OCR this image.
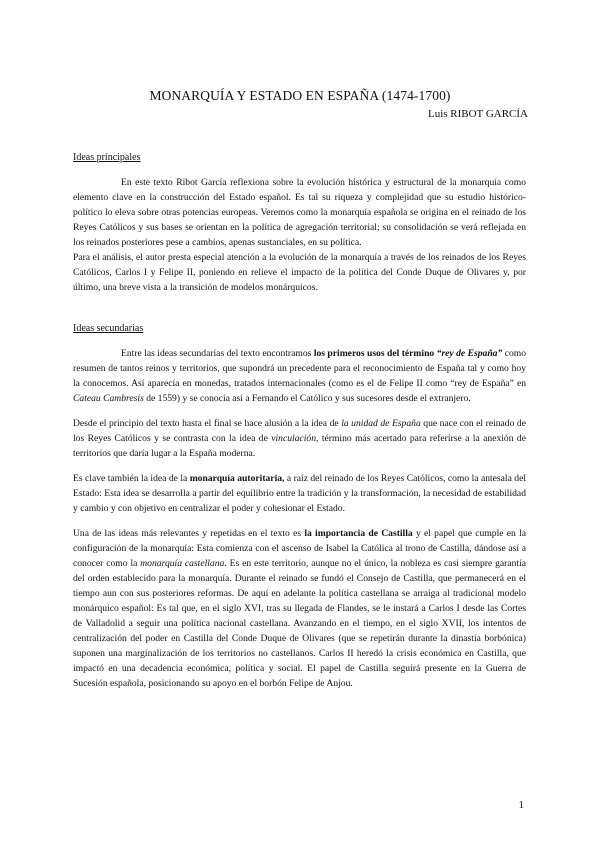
MONARQUÍA Y ESTADO EN ESPAÑA (1474-1700)
Luis RIBOT GARCÍA
Ideas principales

En este texto Ribot García reflexiona sobre la evolución histórica y estructural de la monarquía como elemento clave en la construcción del Estado español. Es tal su riqueza y complejidad que su estudio histórico-político lo eleva sobre otras potencias europeas. Veremos como la monarquía española se origina en el reinado de los Reyes Católicos y sus bases se orientan en la política de agregación territorial; su consolidación se verá reflejada en los reinados posteriores pese a cambios, apenas sustanciales, en su política.

Para el análisis, el autor presta especial atención a la evolución de la monarquía a través de los reinados de los Reyes Católicos, Carlos I y Felipe II, poniendo en relieve el impacto de la política del Conde Duque de Olivares y, por último, una breve vista a la transición de modelos monárquicos.

Ideas secundarias

Entre las ideas secundarias del texto encontramos los primeros usos del término “rey de España” como resumen de tantos reinos y territorios, que supondrá un precedente para el reconocimiento de España tal y como hoy la conocemos. Así aparecía en monedas, tratados internacionales (como es el de Felipe II como “rey de España” en Cateau Cambresis de 1559) y se conocía así a Fernando el Católico y sus sucesores desde el extranjero.

Desde el principio del texto hasta el final se hace alusión a la idea de la unidad de España que nace con el reinado de los Reyes Católicos y se contrasta con la idea de vinculación, término más acertado para referirse a la anexión de territorios que daría lugar a la España moderna.

Es clave también la idea de la monarquía autoritaria, a raíz del reinado de los Reyes Católicos, como la antesala del Estado: Esta idea se desarrolla a partir del equilibrio entre la tradición y la transformación, la necesidad de estabilidad y cambio y con objetivo en centralizar el poder y cohesionar el Estado.

Una de las ideas más relevantes y repetidas en el texto es la importancia de Castilla y el papel que cumple en la configuración de la monarquía: Esta comienza con el ascenso de Isabel la Católica al trono de Castilla, dándose así a conocer como la monarquía castellana. Es en este territorio, aunque no el único, la nobleza es casi siempre garantía del orden establecido para la monarquía. Durante el reinado se fundó el Consejo de Castilla, que permanecerá en el tiempo aun con sus posteriores reformas. De aquí en adelante la política castellana se arraiga al tradicional modelo monárquico español: Es tal que, en el siglo XVI, tras su llegada de Flandes, se le instará a Carlos I desde las Cortes de Valladolid a seguir una política nacional castellana. Avanzando en el tiempo, en el siglo XVII, los intentos de centralización del poder en Castilla del Conde Duque de Olivares (que se repetirán durante la dinastía borbónica) suponen una marginalización de los territorios no castellanos. Carlos II heredó la crisis económica en Castilla, que impactó en una decadencia económica, política y social. El papel de Castilla seguirá presente en la Guerra de Sucesión española, posicionando su apoyo en el borbón Felipe de Anjou.

1
